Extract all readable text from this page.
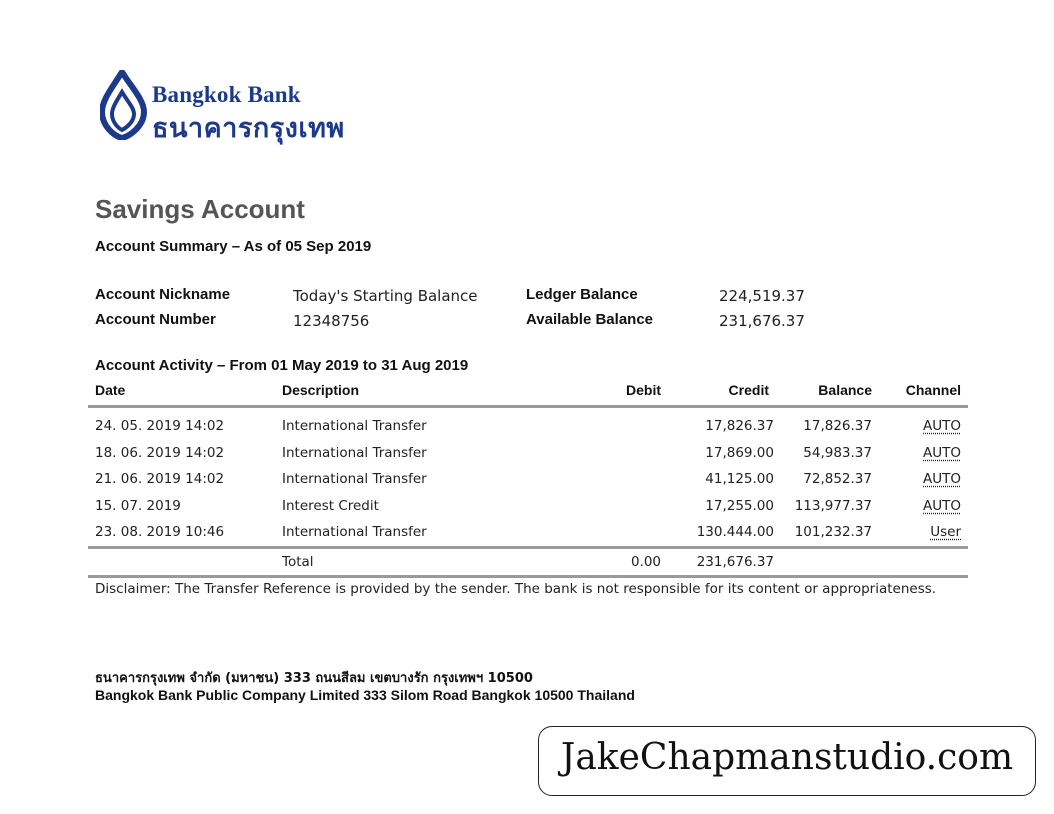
Bangkok Bank
ธนาคารกรุงเทพ
Savings Account
Account Summary – As of 05 Sep 2019
Account Nickname	Today's Starting Balance
Account Number	12348756
Ledger Balance	224,519.37
Available Balance	231,676.37
Account Activity – From 01 May 2019 to 31 Aug 2019
Date	Description	Debit	Credit	Balance	Channel
24. 05. 2019 14:02	International Transfer		17,826.37	17,826.37	AUTO
18. 06. 2019 14:02	International Transfer		17,869.00	54,983.37	AUTO
21. 06. 2019 14:02	International Transfer		41,125.00	72,852.37	AUTO
15. 07. 2019	Interest Credit		17,255.00	113,977.37	AUTO
23. 08. 2019 10:46	International Transfer		130.444.00	101,232.37	User
	Total	0.00	231,676.37		
Disclaimer: The Transfer Reference is provided by the sender. The bank is not responsible for its content or appropriateness.
ธนาคารกรุงเทพ จำกัด (มหาชน) 333 ถนนสีลม เขตบางรัก กรุงเทพฯ 10500
Bangkok Bank Public Company Limited 333 Silom Road Bangkok 10500 Thailand
JakeChapmanstudio.com
